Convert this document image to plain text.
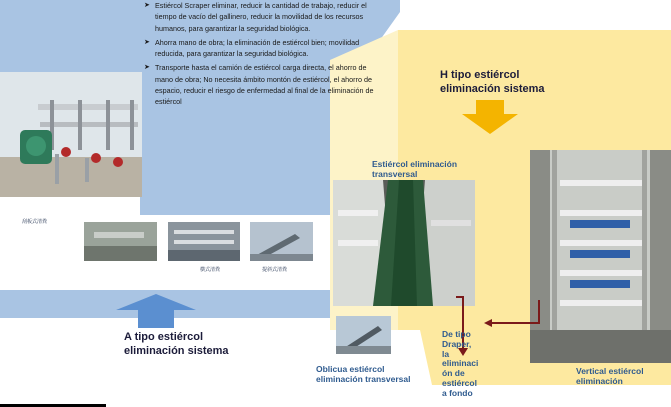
刮板式清粪
➤ Estiércol Scraper eliminar, reducir la cantidad de trabajo, reducir el tiempo de vacío del gallinero, reducir la movilidad de los recursos humanos, para garantizar la seguridad biológica.
➤ Ahorra mano de obra; la eliminación de estiércol bien; movilidad reducida, para garantizar la seguridad biológica.
➤ Transporte hasta el camión de estiércol carga directa, el ahorro de mano de obra; No necesita ámbito montón de estiércol, el ahorro de espacio, reducir el riesgo de enfermedad al final de la eliminación de estiércol
横式清粪	提斜式清粪
A tipo estiércol
eliminación sistema
H tipo estiércol
eliminación sistema
Estiércol eliminación
transversal
Oblicua estiércol
eliminación transversal
De tipo
Draper,
la
eliminaci
ón de
estiércol
a fondo
Vertical estiércol
eliminación
